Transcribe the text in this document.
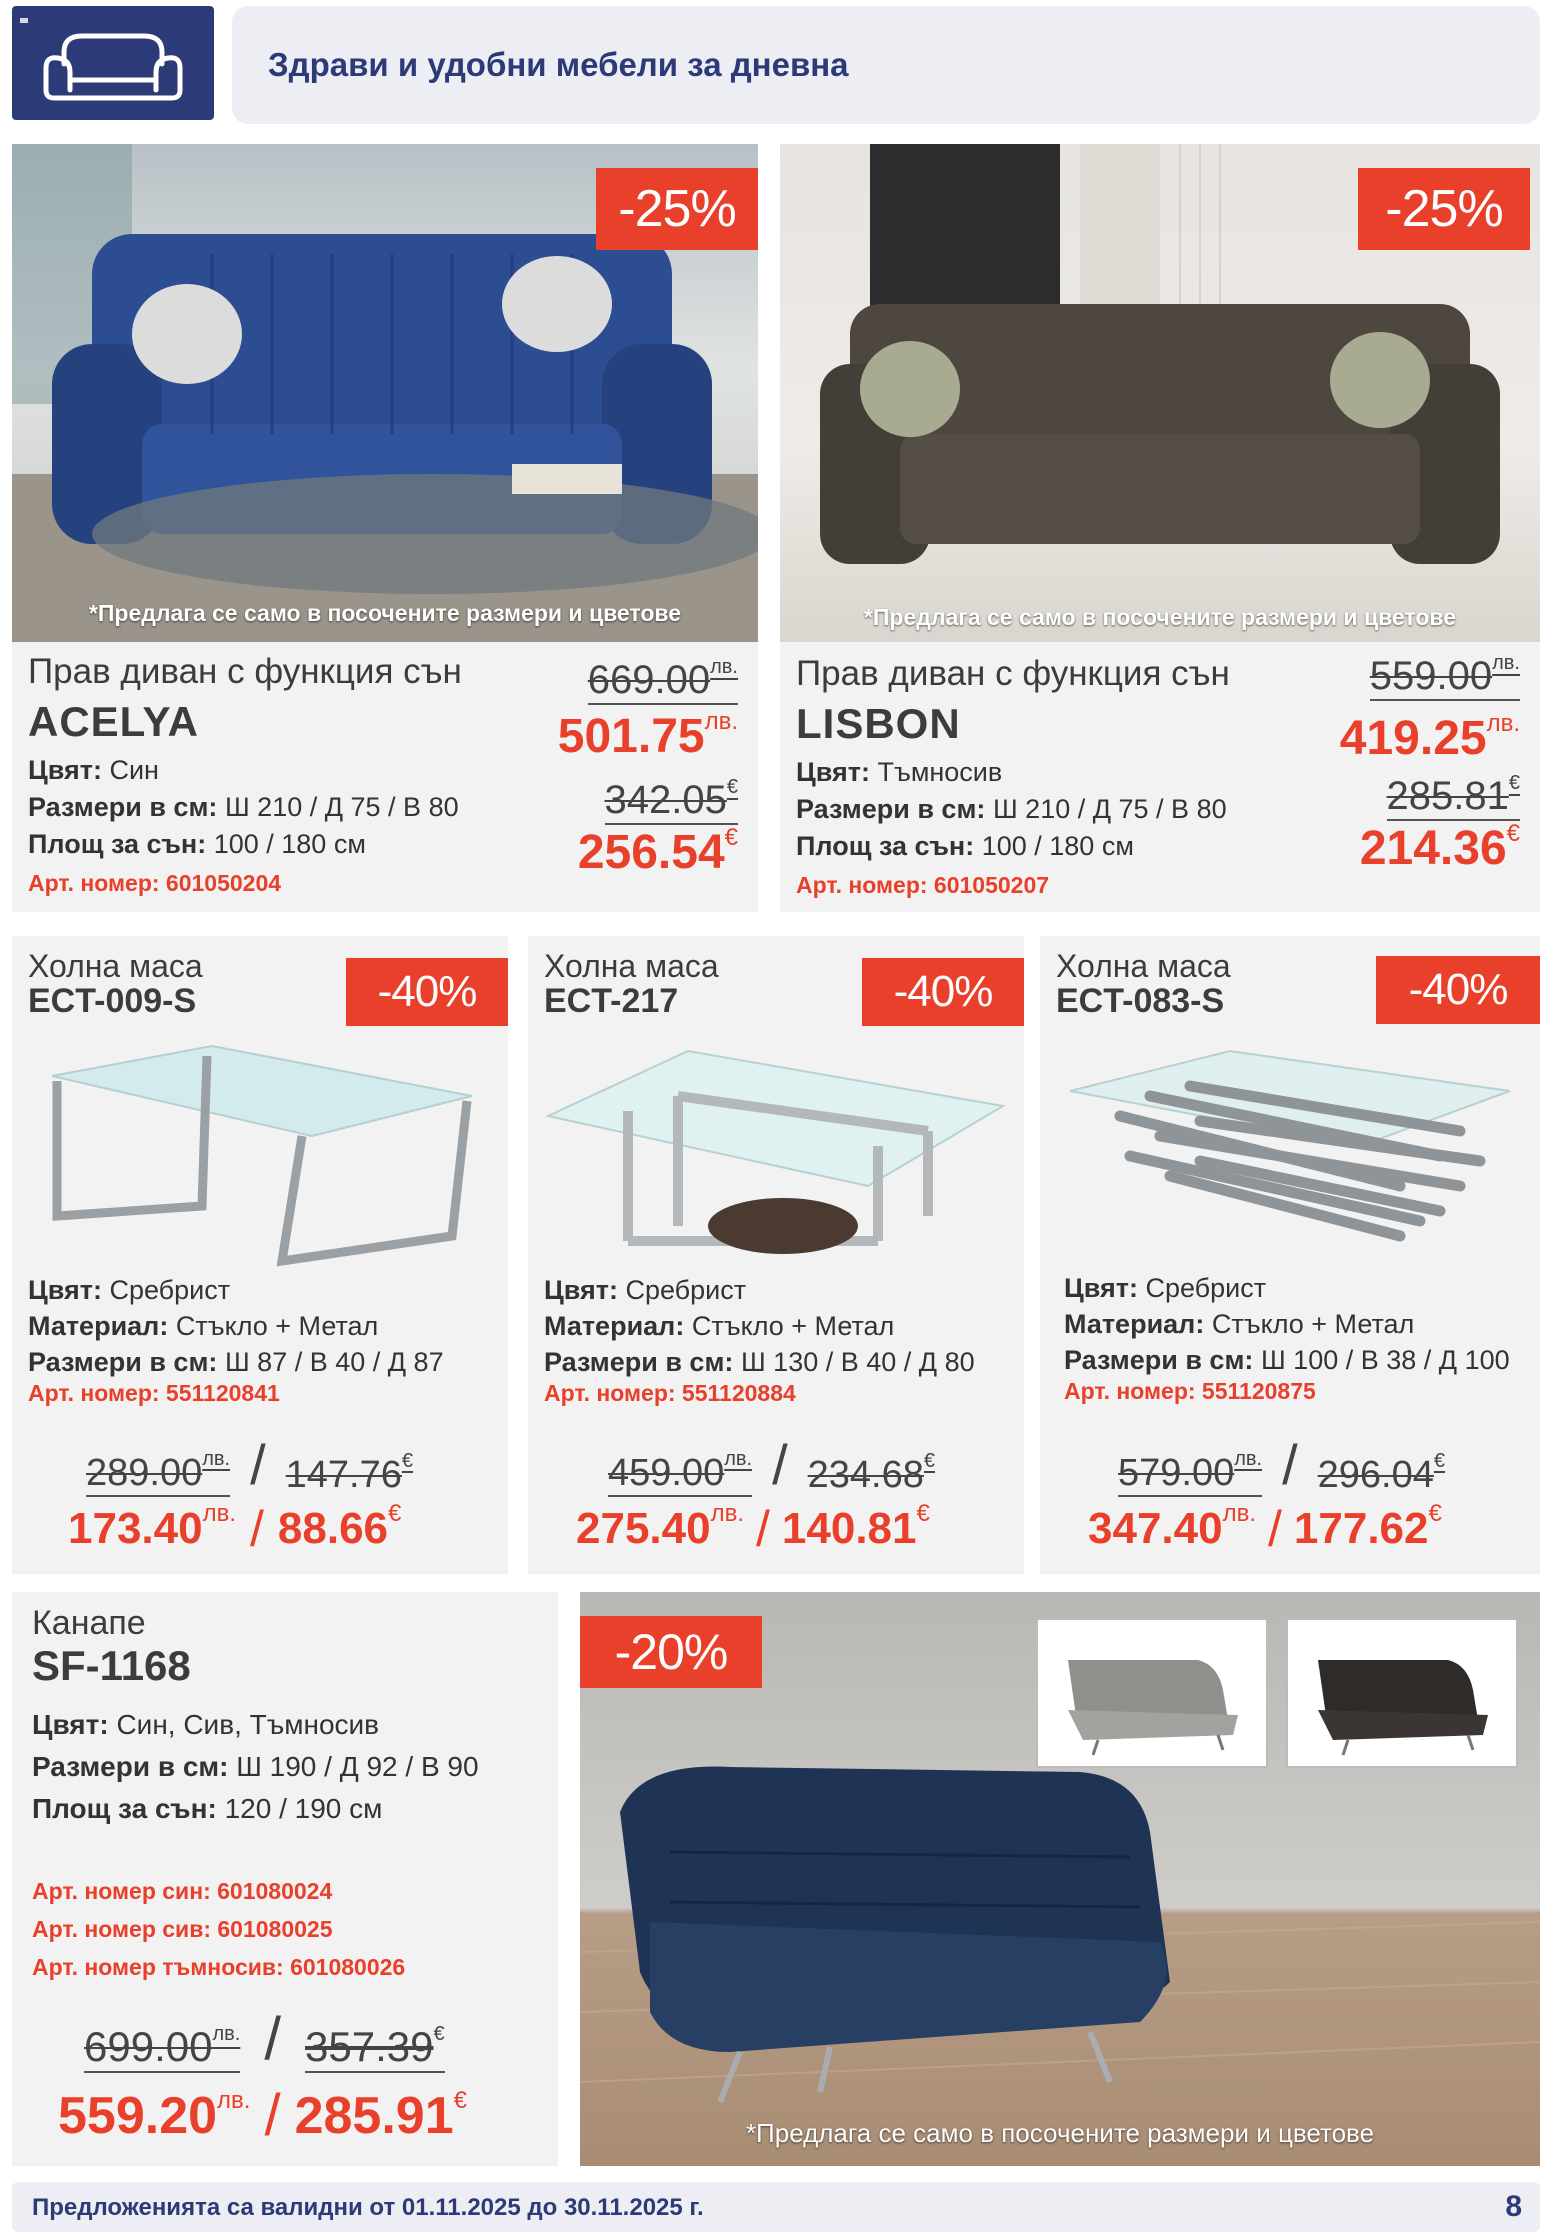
Здрави и удобни мебели за дневна
-25%
*Предлага се само в посочените размери и цветове
Прав диван с функция сън
ACELYA
Цвят: Син
Размери в см: Ш 210 / Д 75 / В 80
Площ за сън: 100 / 180 см
Арт. номер: 601050204
$669.00^{лв.}$
$501.75^{лв.}$
342.05€
256.54€
-25%
*Предлага се само в посочените размери и цветове
Прав диван с функция сън
LISBON
Цвят: Тъмносив
Размери в см: Ш 210 / Д 75 / В 80
Площ за сън: 100 / 180 см
Арт. номер: 601050207
$559.00^{лв.}$
$419.25^{лв.}$
285.81€
214.36€
Холна маса
ECT-009-S	-40%
Цвят: Сребрист
Материал: Стъкло + Метал
Размери в см: Ш 87 / В 40 / Д 87
Арт. номер: 551120841
$289.00^{лв.} / 147.76^€$
$173.40^{лв.} / 88.66^€$
Холна маса
ECT-217	-40%
Цвят: Сребрист
Материал: Стъкло + Метал
Размери в см: Ш 130 / В 40 / Д 80
Арт. номер: 551120884
$459.00^{лв.} / 234.68^€$
$275.40^{лв.} / 140.81^€$
Холна маса
ECT-083-S	-40%
Цвят: Сребрист
Материал: Стъкло + Метал
Размери в см: Ш 100 / В 38 / Д 100
Арт. номер: 551120875
$579.00^{лв.} / 296.04^€$
$347.40^{лв.} / 177.62^€$
Канапе
SF-1168
Цвят: Син, Сив, Тъмносив
Размери в см: Ш 190 / Д 92 / В 90
Площ за сън: 120 / 190 см
Арт. номер син: 601080024
Арт. номер сив: 601080025
Арт. номер тъмносив: 601080026
$699.00^{лв.} / 357.39^€$
$559.20^{лв.} / 285.91^€$
-20%
*Предлага се само в посочените размери и цветове
Предложенията са валидни от 01.11.2025 до 30.11.2025 г.	8
